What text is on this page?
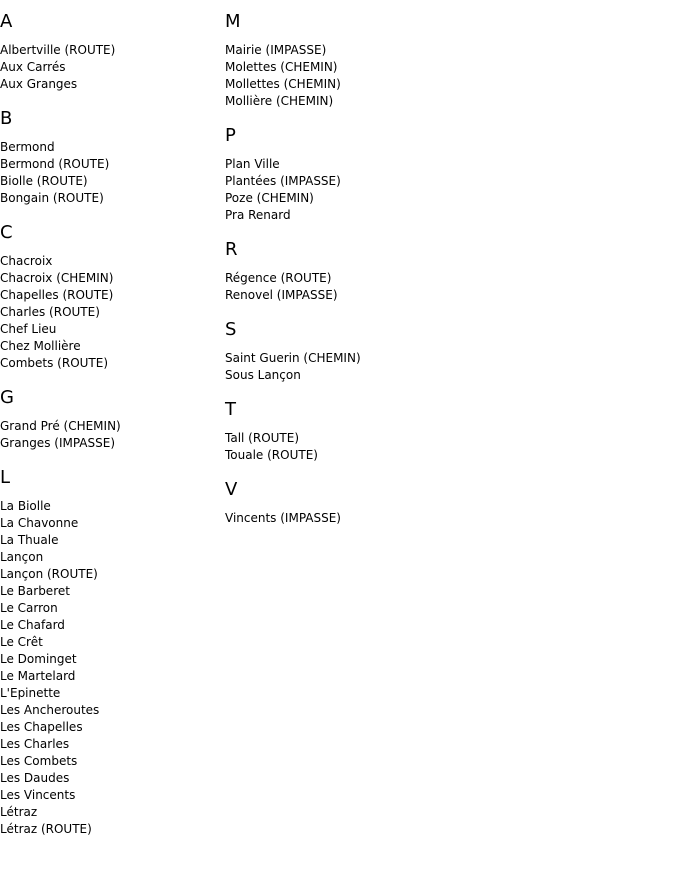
A
Albertville (ROUTE)
Aux Carrés
Aux Granges
B
Bermond
Bermond (ROUTE)
Biolle (ROUTE)
Bongain (ROUTE)
C
Chacroix
Chacroix (CHEMIN)
Chapelles (ROUTE)
Charles (ROUTE)
Chef Lieu
Chez Mollière
Combets (ROUTE)
G
Grand Pré (CHEMIN)
Granges (IMPASSE)
L
La Biolle
La Chavonne
La Thuale
Lançon
Lançon (ROUTE)
Le Barberet
Le Carron
Le Chafard
Le Crêt
Le Dominget
Le Martelard
L'Epinette
Les Ancheroutes
Les Chapelles
Les Charles
Les Combets
Les Daudes
Les Vincents
Létraz
Létraz (ROUTE)
M
Mairie (IMPASSE)
Molettes (CHEMIN)
Mollettes (CHEMIN)
Mollière (CHEMIN)
P
Plan Ville
Plantées (IMPASSE)
Poze (CHEMIN)
Pra Renard
R
Régence (ROUTE)
Renovel (IMPASSE)
S
Saint Guerin (CHEMIN)
Sous Lançon
T
Tall (ROUTE)
Touale (ROUTE)
V
Vincents (IMPASSE)
